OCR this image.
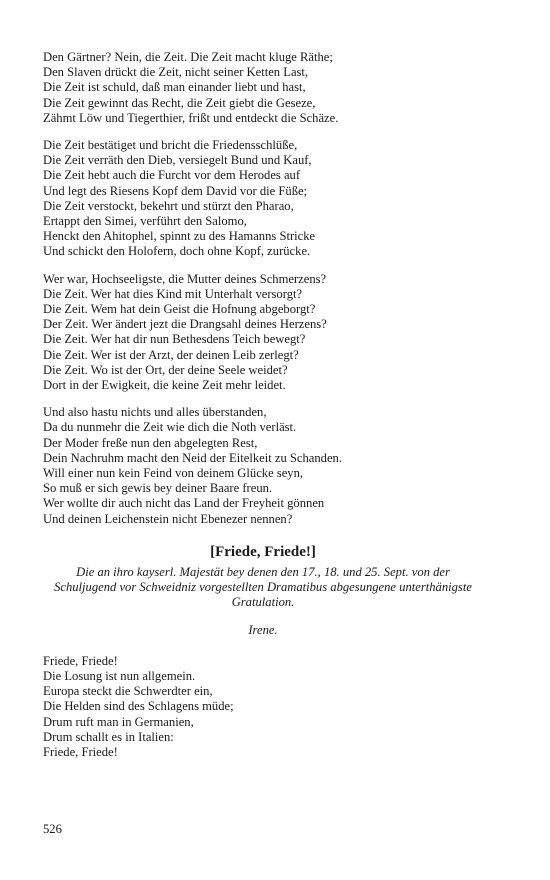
Den Gärtner? Nein, die Zeit. Die Zeit macht kluge Räthe;
Den Slaven drückt die Zeit, nicht seiner Ketten Last,
Die Zeit ist schuld, daß man einander liebt und hast,
Die Zeit gewinnt das Recht, die Zeit giebt die Geseze,
Zähmt Löw und Tiegerthier, frißt und entdeckt die Schäze.
Die Zeit bestätiget und bricht die Friedensschlüße,
Die Zeit verräth den Dieb, versiegelt Bund und Kauf,
Die Zeit hebt auch die Furcht vor dem Herodes auf
Und legt des Riesens Kopf dem David vor die Füße;
Die Zeit verstockt, bekehrt und stürzt den Pharao,
Ertappt den Simei, verführt den Salomo,
Henckt den Ahitophel, spinnt zu des Hamanns Stricke
Und schickt den Holofern, doch ohne Kopf, zurücke.
Wer war, Hochseeligste, die Mutter deines Schmerzens?
Die Zeit. Wer hat dies Kind mit Unterhalt versorgt?
Die Zeit. Wem hat dein Geist die Hofnung abgeborgt?
Der Zeit. Wer ändert jezt die Drangsahl deines Herzens?
Die Zeit. Wer hat dir nun Bethesdens Teich bewegt?
Die Zeit. Wer ist der Arzt, der deinen Leib zerlegt?
Die Zeit. Wo ist der Ort, der deine Seele weidet?
Dort in der Ewigkeit, die keine Zeit mehr leidet.
Und also hastu nichts und alles überstanden,
Da du nunmehr die Zeit wie dich die Noth verläst.
Der Moder freße nun den abgelegten Rest,
Dein Nachruhm macht den Neid der Eitelkeit zu Schanden.
Will einer nun kein Feind von deinem Glücke seyn,
So muß er sich gewis bey deiner Baare freun.
Wer wollte dir auch nicht das Land der Freyheit gönnen
Und deinen Leichenstein nicht Ebenezer nennen?
[Friede, Friede!]
Die an ihro kayserl. Majestät bey denen den 17., 18. und 25. Sept. von der Schuljugend vor Schweidniz vorgestellten Dramatibus abgesungene unterthänigste Gratulation.
Irene.
Friede, Friede!
Die Losung ist nun allgemein.
Europa steckt die Schwerdter ein,
Die Helden sind des Schlagens müde;
Drum ruft man in Germanien,
Drum schallt es in Italien:
Friede, Friede!
526
